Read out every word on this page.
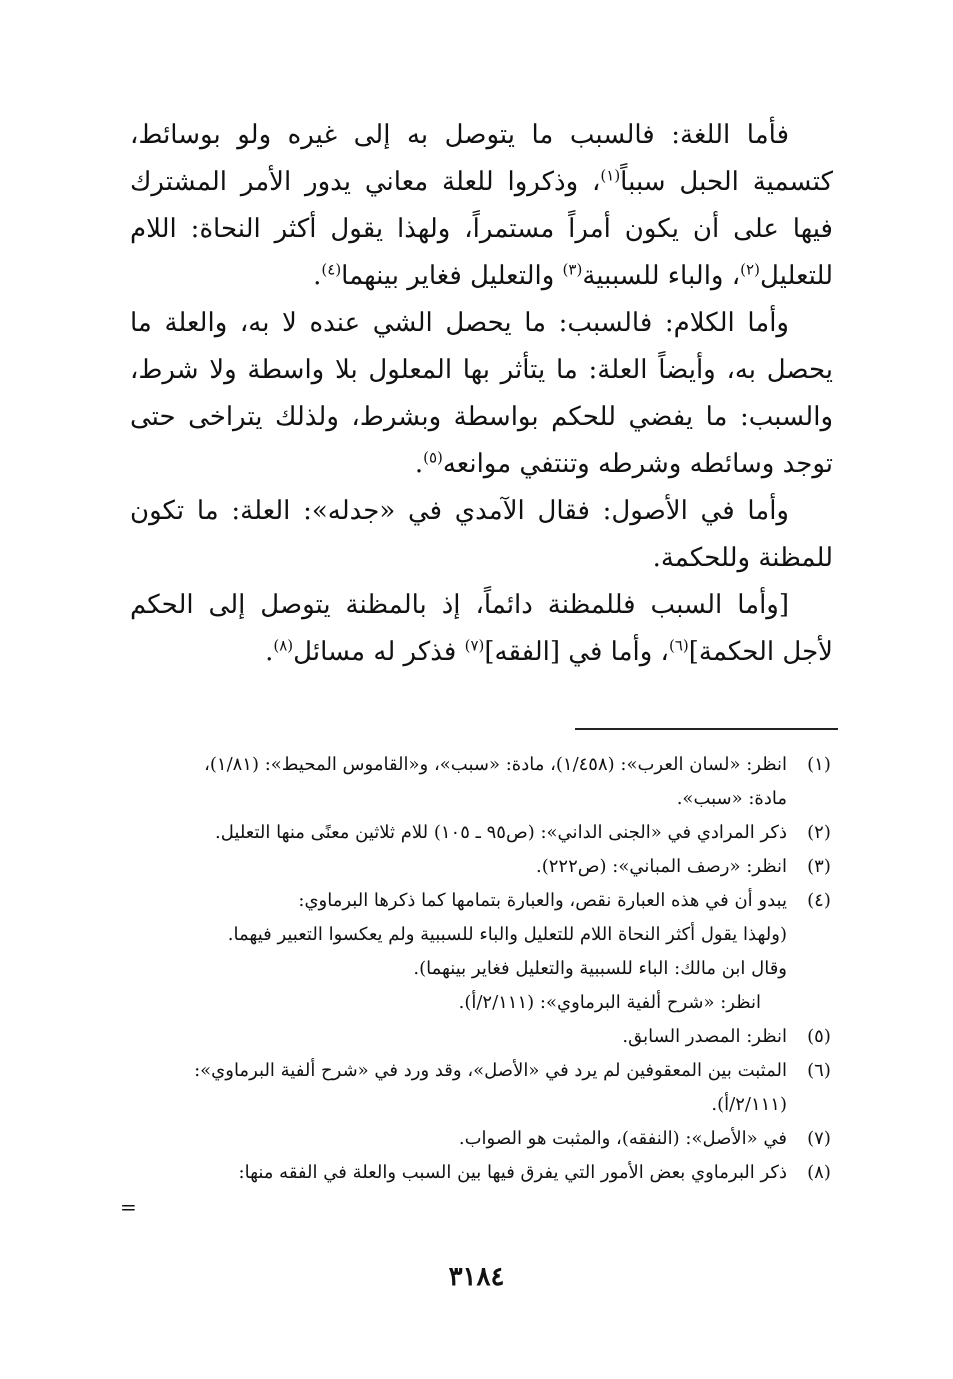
فأما اللغة: فالسبب ما يتوصل به إلى غيره ولو بوسائط، كتسمية الحبل سبباً$^{(١)}$، وذكروا للعلة معاني يدور الأمر المشترك فيها على أن يكون أمراً مستمراً، ولهذا يقول أكثر النحاة: اللام للتعليل$^{(٢)}$، والباء للسببية$^{(٣)}$ والتعليل فغاير بينهما$^{(٤)}$.

وأما الكلام: فالسبب: ما يحصل الشي عنده لا به، والعلة ما يحصل به، وأيضاً العلة: ما يتأثر بها المعلول بلا واسطة ولا شرط، والسبب: ما يفضي للحكم بواسطة وبشرط، ولذلك يتراخى حتى توجد وسائطه وشرطه وتنتفي موانعه$^{(٥)}$.

وأما في الأصول: فقال الآمدي في «جدله»: العلة: ما تكون للمظنة وللحكمة.

[وأما السبب فللمظنة دائماً، إذ بالمظنة يتوصل إلى الحكم لأجل الحكمة]$^{(٦)}$، وأما في [الفقه]$^{(٧)}$ فذكر له مسائل$^{(٨)}$.

(١)
انظر: «لسان العرب»: (١/٤٥٨)، مادة: «سبب»، و«القاموس المحيط»: (١/٨١)،
مادة: «سبب».
(٢)
ذكر المرادي في «الجنى الداني»: (ص٩٥ ـ ١٠٥) للام ثلاثين معنًى منها التعليل.
(٣)
انظر: «رصف المباني»: (ص٢٢٢).
(٤)
يبدو أن في هذه العبارة نقص، والعبارة بتمامها كما ذكرها البرماوي:
(ولهذا يقول أكثر النحاة اللام للتعليل والباء للسببية ولم يعكسوا التعبير فيهما.
وقال ابن مالك: الباء للسببية والتعليل فغاير بينهما).
انظر: «شرح ألفية البرماوي»: (٢/١١١/أ).
(٥)
انظر: المصدر السابق.
(٦)
المثبت بين المعقوفين لم يرد في «الأصل»، وقد ورد في «شرح ألفية البرماوي»:
(٢/١١١/أ).
(٧)
في «الأصل»: (النفقه)، والمثبت هو الصواب.
(٨)
ذكر البرماوي بعض الأمور التي يفرق فيها بين السبب والعلة في الفقه منها:
=
٣١٨٤
